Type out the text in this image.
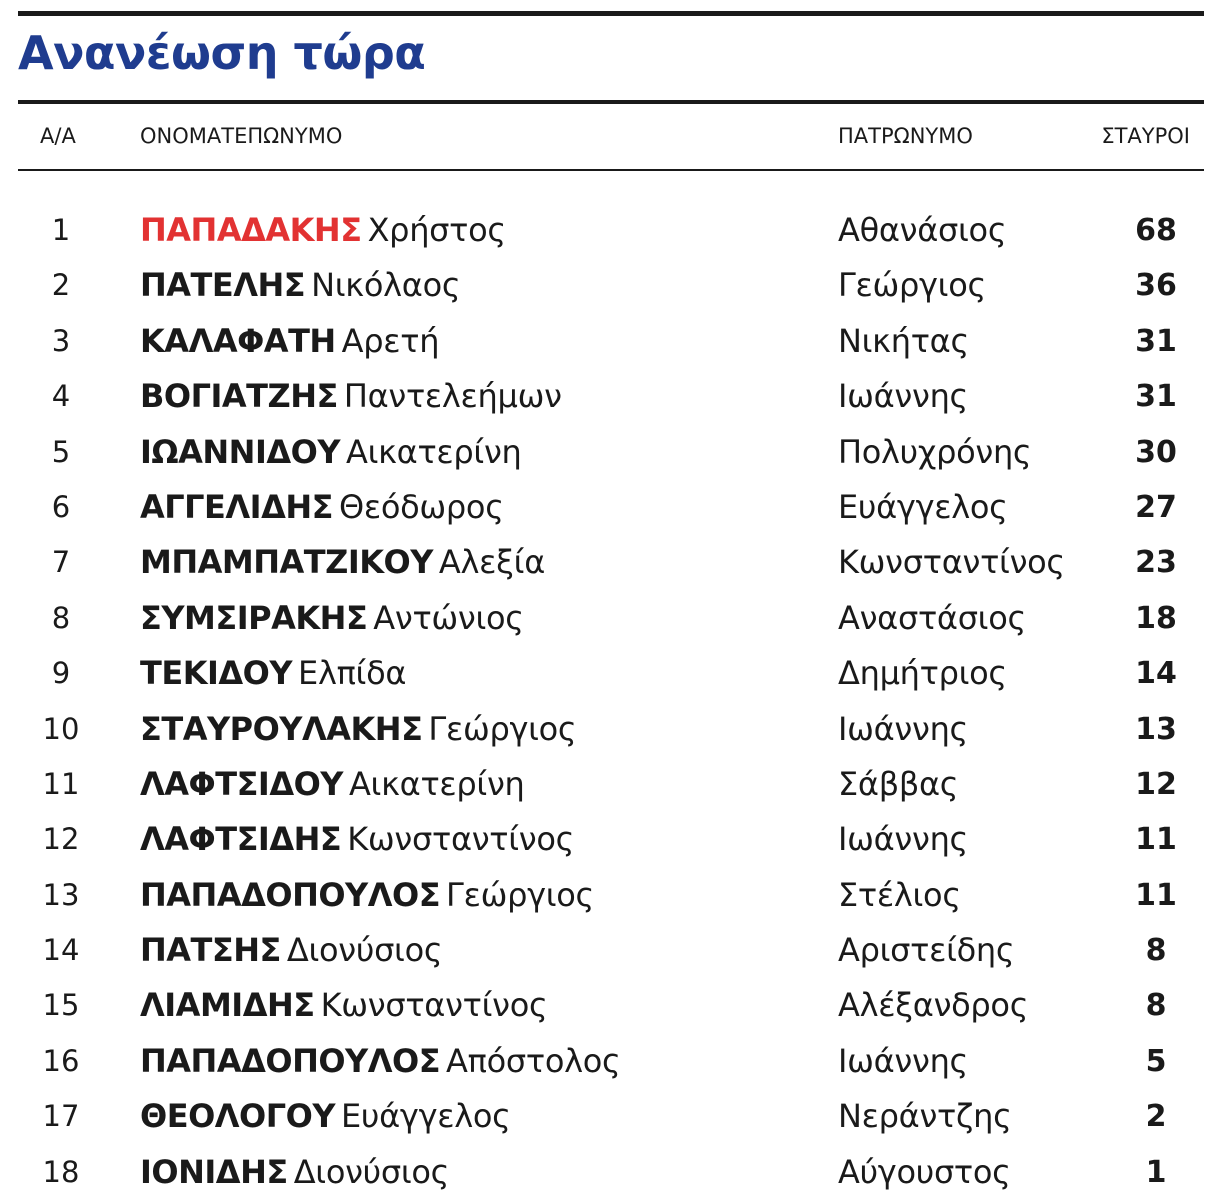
Ανανέωση τώρα
Α/Α	ΟΝΟΜΑΤΕΠΩΝΥΜΟ	ΠΑΤΡΩΝΥΜΟ	ΣΤΑΥΡΟΙ
1	ΠΑΠΑΔΑΚΗΣ Χρήστος	Αθανάσιος	68
2	ΠΑΤΕΛΗΣ Νικόλαος	Γεώργιος	36
3	ΚΑΛΑΦΑΤΗ Αρετή	Νικήτας	31
4	ΒΟΓΙΑΤΖΗΣ Παντελεήμων	Ιωάννης	31
5	ΙΩΑΝΝΙΔΟΥ Αικατερίνη	Πολυχρόνης	30
6	ΑΓΓΕΛΙΔΗΣ Θεόδωρος	Ευάγγελος	27
7	ΜΠΑΜΠΑΤΖΙΚΟΥ Αλεξία	Κωνσταντίνος 23
8	ΣΥΜΣΙΡΑΚΗΣ Αντώνιος	Αναστάσιος	18
9	ΤΕΚΙΔΟΥ Ελπίδα	Δημήτριος	14
10	ΣΤΑΥΡΟΥΛΑΚΗΣ Γεώργιος	Ιωάννης	13
11	ΛΑΦΤΣΙΔΟΥ Αικατερίνη	Σάββας	12
12	ΛΑΦΤΣΙΔΗΣ Κωνσταντίνος	Ιωάννης	11
13	ΠΑΠΑΔΟΠΟΥΛΟΣ Γεώργιος	Στέλιος	11
14	ΠΑΤΣΗΣ Διονύσιος	Αριστείδης	8
15	ΛΙΑΜΙΔΗΣ Κωνσταντίνος	Αλέξανδρος	8
16	ΠΑΠΑΔΟΠΟΥΛΟΣ Απόστολος	Ιωάννης	5
17	ΘΕΟΛΟΓΟΥ Ευάγγελος	Νεράντζης	2
18	ΙΟΝΙΔΗΣ Διονύσιος	Αύγουστος	1
